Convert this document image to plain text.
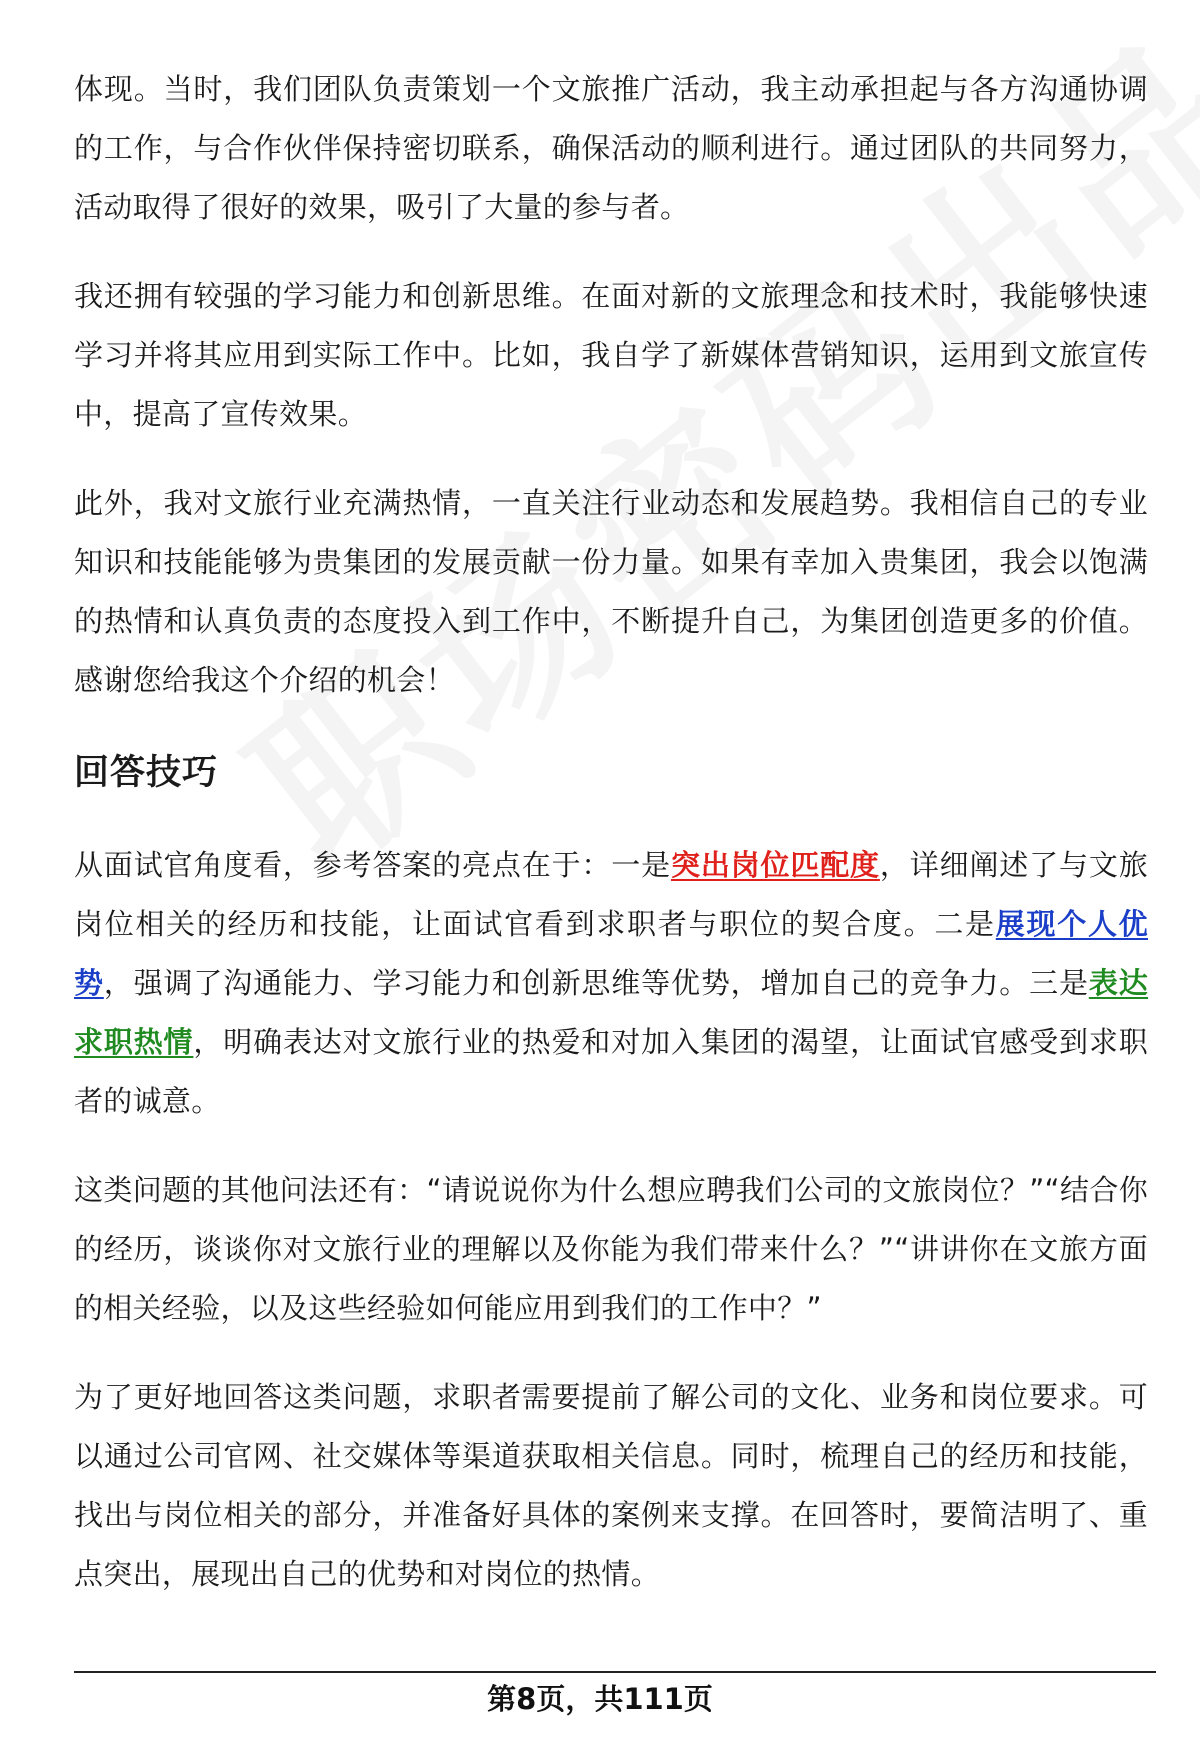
体现。当时，我们团队负责策划一个文旅推广活动，我主动承担起与各方沟通协调的工作，与合作伙伴保持密切联系，确保活动的顺利进行。通过团队的共同努力，活动取得了很好的效果，吸引了大量的参与者。

我还拥有较强的学习能力和创新思维。在面对新的文旅理念和技术时，我能够快速学习并将其应用到实际工作中。比如，我自学了新媒体营销知识，运用到文旅宣传中，提高了宣传效果。

此外，我对文旅行业充满热情，一直关注行业动态和发展趋势。我相信自己的专业知识和技能能够为贵集团的发展贡献一份力量。如果有幸加入贵集团，我会以饱满的热情和认真负责的态度投入到工作中，不断提升自己，为集团创造更多的价值。感谢您给我这个介绍的机会！

回答技巧

从面试官角度看，参考答案的亮点在于：一是突出岗位匹配度，详细阐述了与文旅岗位相关的经历和技能，让面试官看到求职者与职位的契合度。二是展现个人优势，强调了沟通能力、学习能力和创新思维等优势，增加自己的竞争力。三是表达求职热情，明确表达对文旅行业的热爱和对加入集团的渴望，让面试官感受到求职者的诚意。

这类问题的其他问法还有：“请说说你为什么想应聘我们公司的文旅岗位？”“结合你的经历，谈谈你对文旅行业的理解以及你能为我们带来什么？”“讲讲你在文旅方面的相关经验，以及这些经验如何能应用到我们的工作中？”

为了更好地回答这类问题，求职者需要提前了解公司的文化、业务和岗位要求。可以通过公司官网、社交媒体等渠道获取相关信息。同时，梳理自己的经历和技能，找出与岗位相关的部分，并准备好具体的案例来支撑。在回答时，要简洁明了、重点突出，展现出自己的优势和对岗位的热情。

第8页，共111页
